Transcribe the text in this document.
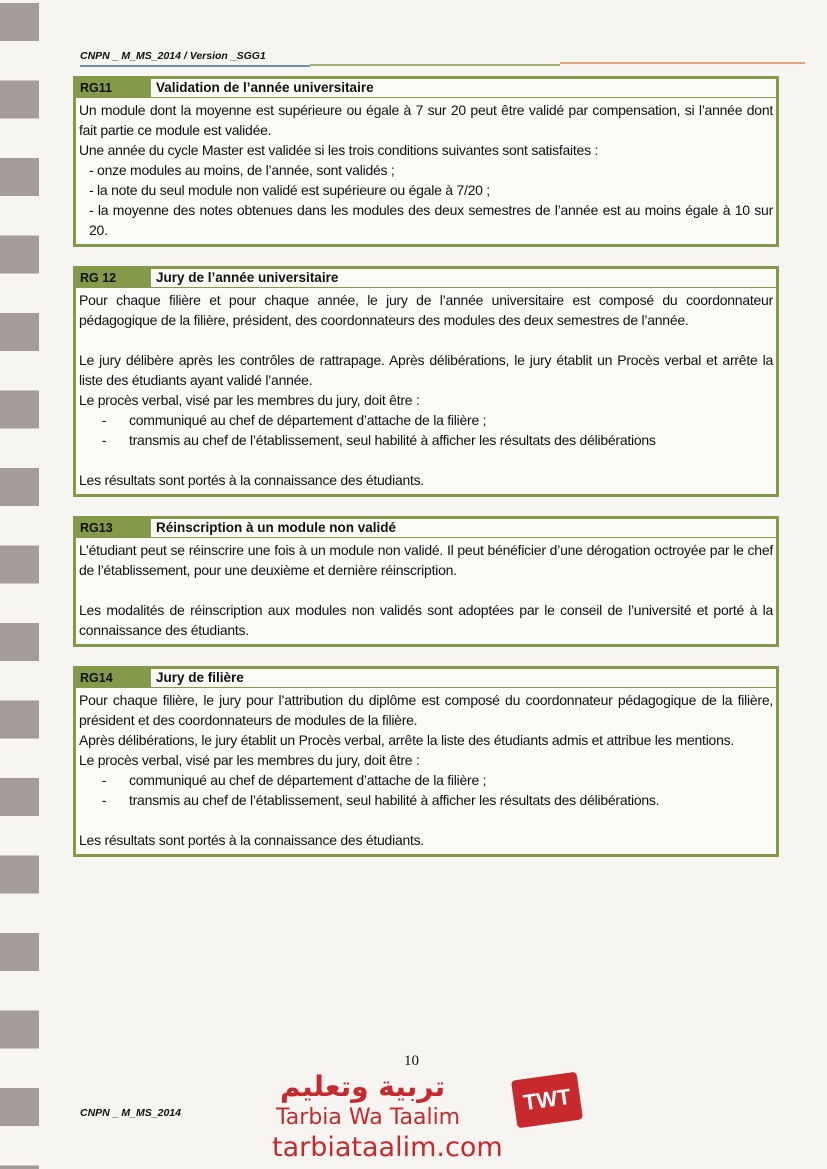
CNPN _ M_MS_2014 / Version _SGG1
RG11	Validation de l’année universitaire

Un module dont la moyenne est supérieure ou égale à 7 sur 20 peut être validé par compensation, si l’année dont fait partie ce module est validée.

Une année du cycle Master est validée si les trois conditions suivantes sont satisfaites :

- onze modules au moins, de l’année, sont validés ;

- la note du seul module non validé est supérieure ou égale à 7/20 ;

- la moyenne des notes obtenues dans les modules des deux semestres de l’année est au moins égale à 10 sur 20.

RG 12	Jury de l’année universitaire

Pour chaque filière et pour chaque année, le jury de l’année universitaire est composé du coordonnateur pédagogique de la filière, président, des coordonnateurs des modules des deux semestres de l’année.

Le jury délibère après les contrôles de rattrapage. Après délibérations, le jury établit un Procès verbal et arrête la liste des étudiants ayant validé l’année.

Le procès verbal, visé par les membres du jury, doit être :

-	communiqué au chef de département d’attache de la filière ;
-	transmis au chef de l’établissement, seul habilité à afficher les résultats des délibérations

Les résultats sont portés à la connaissance des étudiants.

RG13	Réinscription à un module non validé

L’étudiant peut se réinscrire une fois à un module non validé. Il peut bénéficier d’une dérogation octroyée par le chef de l’établissement, pour une deuxième et dernière réinscription.

Les modalités de réinscription aux modules non validés sont adoptées par le conseil de l’université et porté à la connaissance des étudiants.

RG14	Jury de filière

Pour chaque filière, le jury pour l’attribution du diplôme est composé du coordonnateur pédagogique de la filière, président et des coordonnateurs de modules de la filière.

Après délibérations, le jury établit un Procès verbal, arrête la liste des étudiants admis et attribue les mentions.

Le procès verbal, visé par les membres du jury, doit être :

-	communiqué au chef de département d’attache de la filière ;
-	transmis au chef de l’établissement, seul habilité à afficher les résultats des délibérations.

Les résultats sont portés à la connaissance des étudiants.

CNPN _ M_MS_2014
10
تربية وتعليم
Tarbia Wa Taalim
tarbiataalim.com
TWT
